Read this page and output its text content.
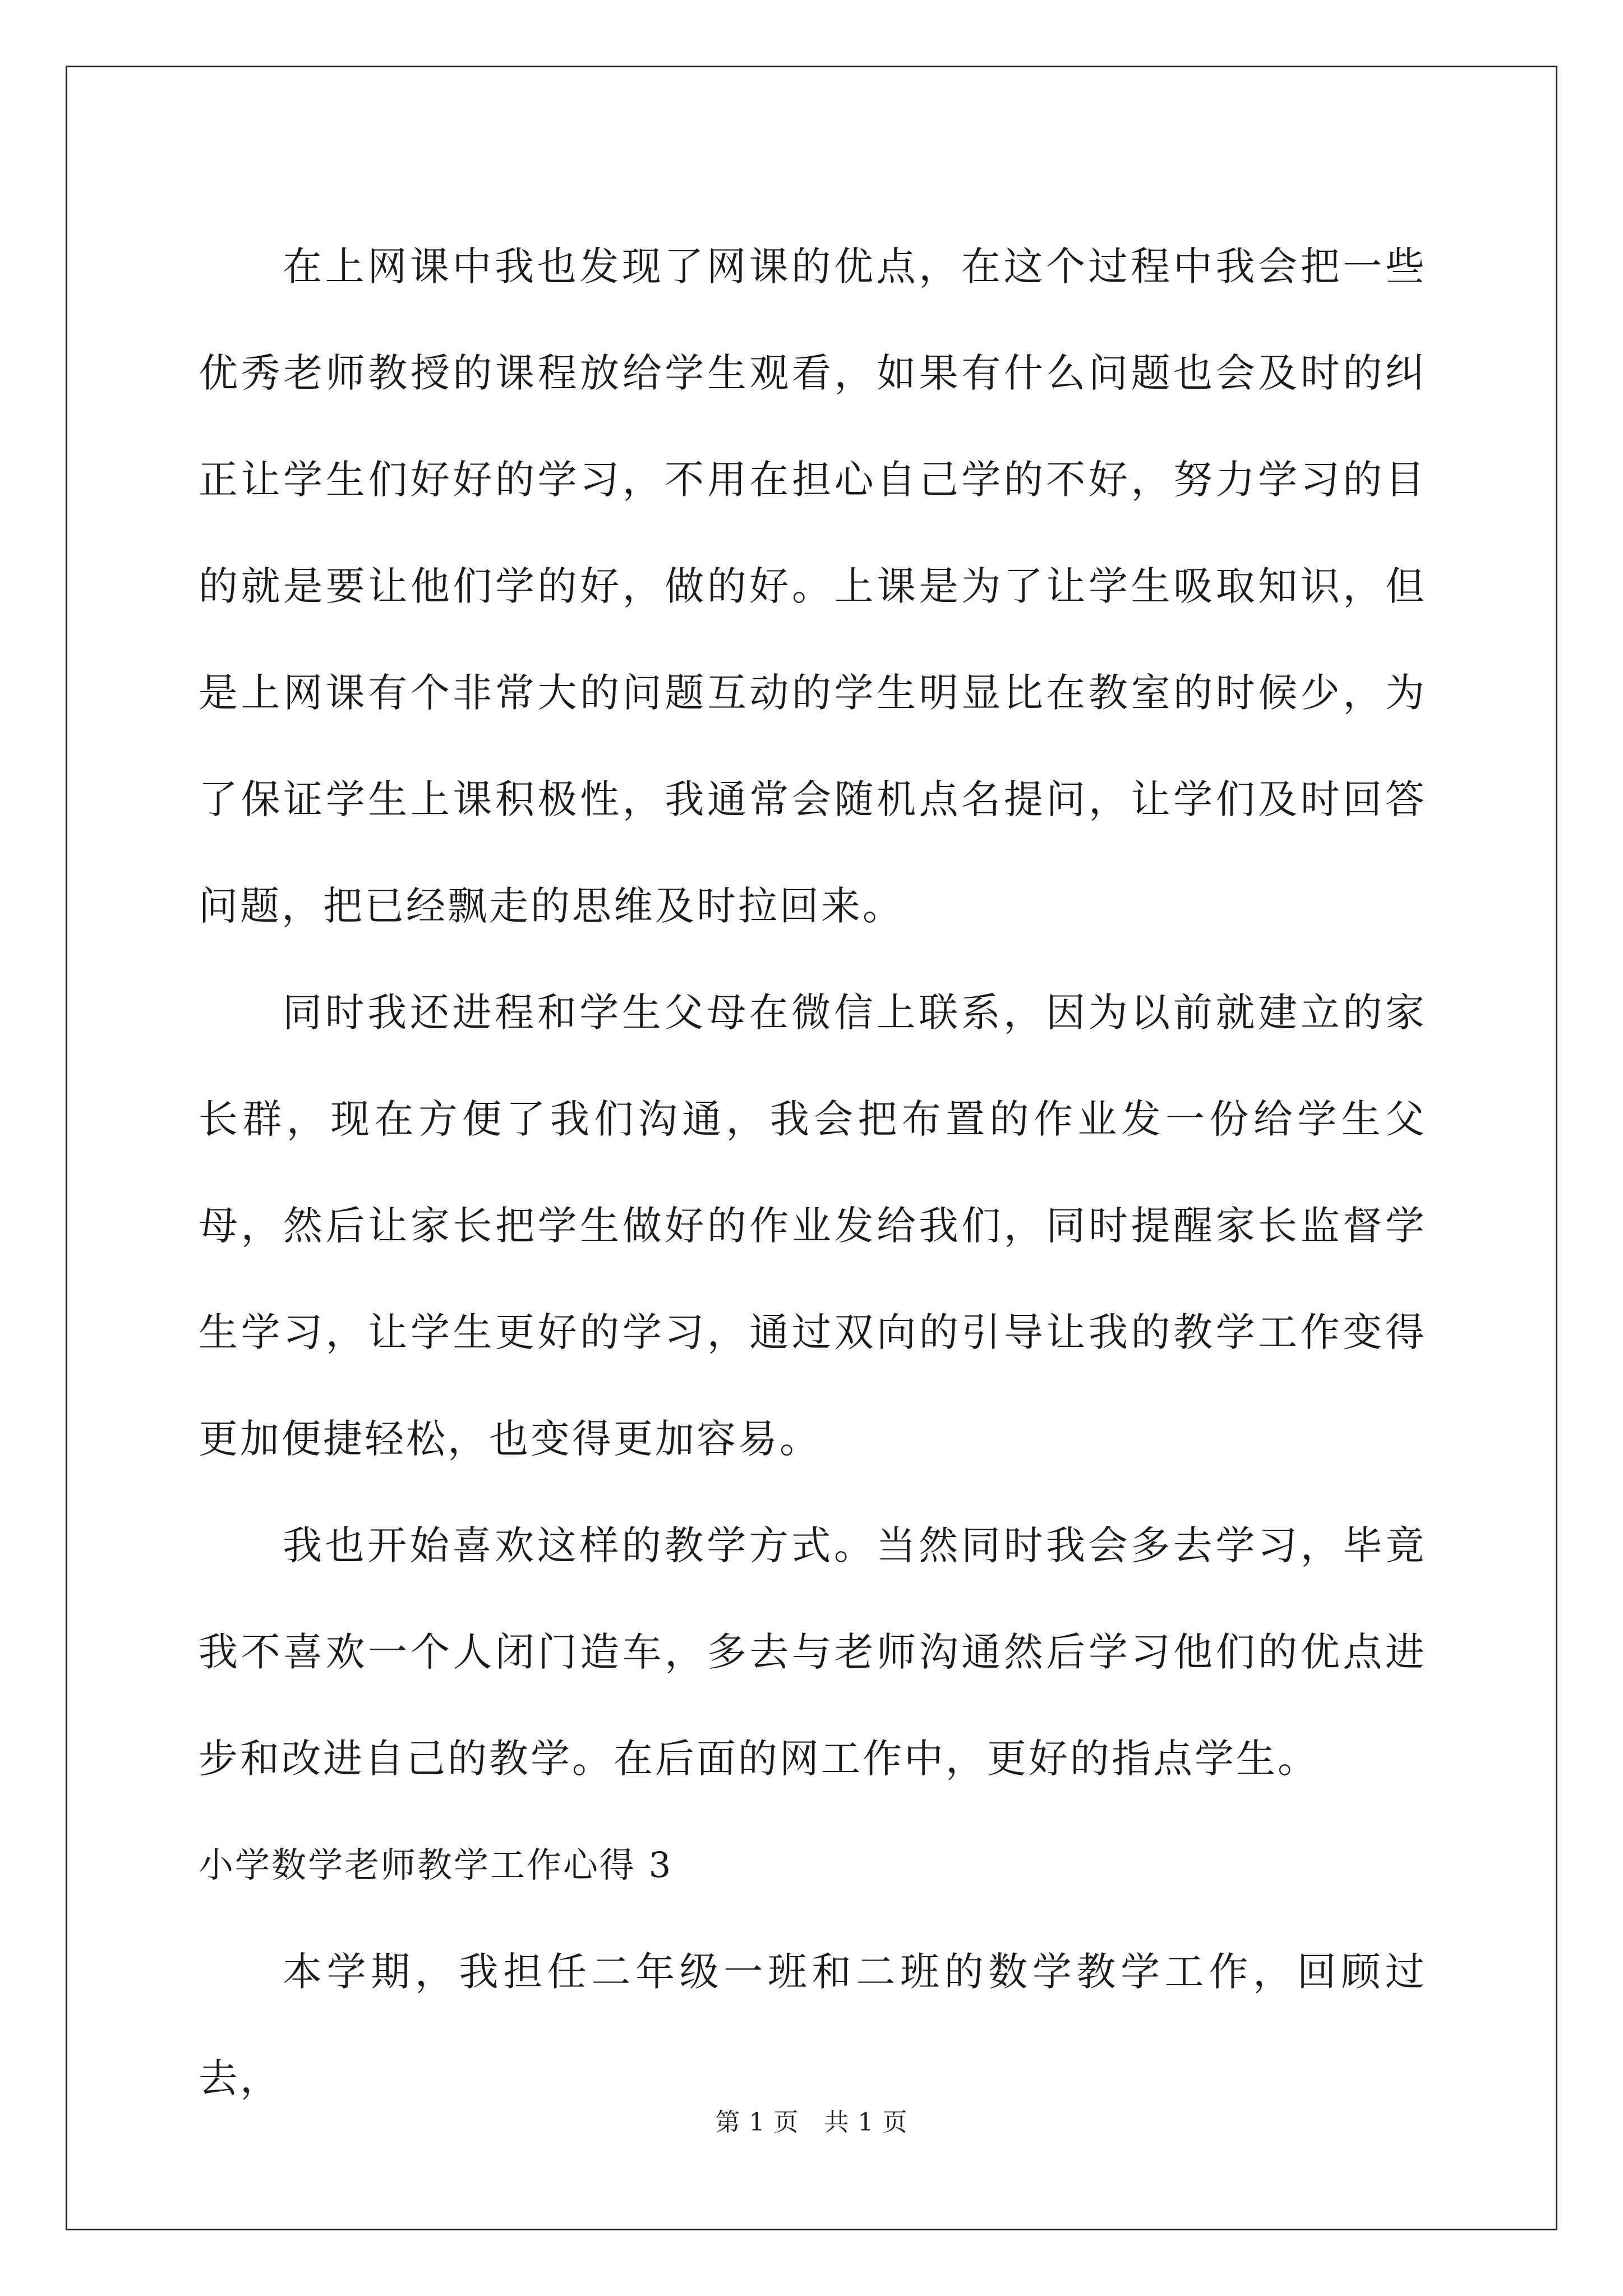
在上网课中我也发现了网课的优点，在这个过程中我会把一些优秀老师教授的课程放给学生观看，如果有什么问题也会及时的纠正让学生们好好的学习，不用在担心自己学的不好，努力学习的目的就是要让他们学的好，做的好。上课是为了让学生吸取知识，但是上网课有个非常大的问题互动的学生明显比在教室的时候少，为了保证学生上课积极性，我通常会随机点名提问，让学们及时回答问题，把已经飘走的思维及时拉回来。

同时我还进程和学生父母在微信上联系，因为以前就建立的家长群，现在方便了我们沟通，我会把布置的作业发一份给学生父母，然后让家长把学生做好的作业发给我们，同时提醒家长监督学生学习，让学生更好的学习，通过双向的引导让我的教学工作变得更加便捷轻松，也变得更加容易。

我也开始喜欢这样的教学方式。当然同时我会多去学习，毕竟我不喜欢一个人闭门造车，多去与老师沟通然后学习他们的优点进步和改进自己的教学。在后面的网工作中，更好的指点学生。

小学数学老师教学工作心得 3

本学期，我担任二年级一班和二班的数学教学工作，回顾过去，

第 1 页　共 1 页
